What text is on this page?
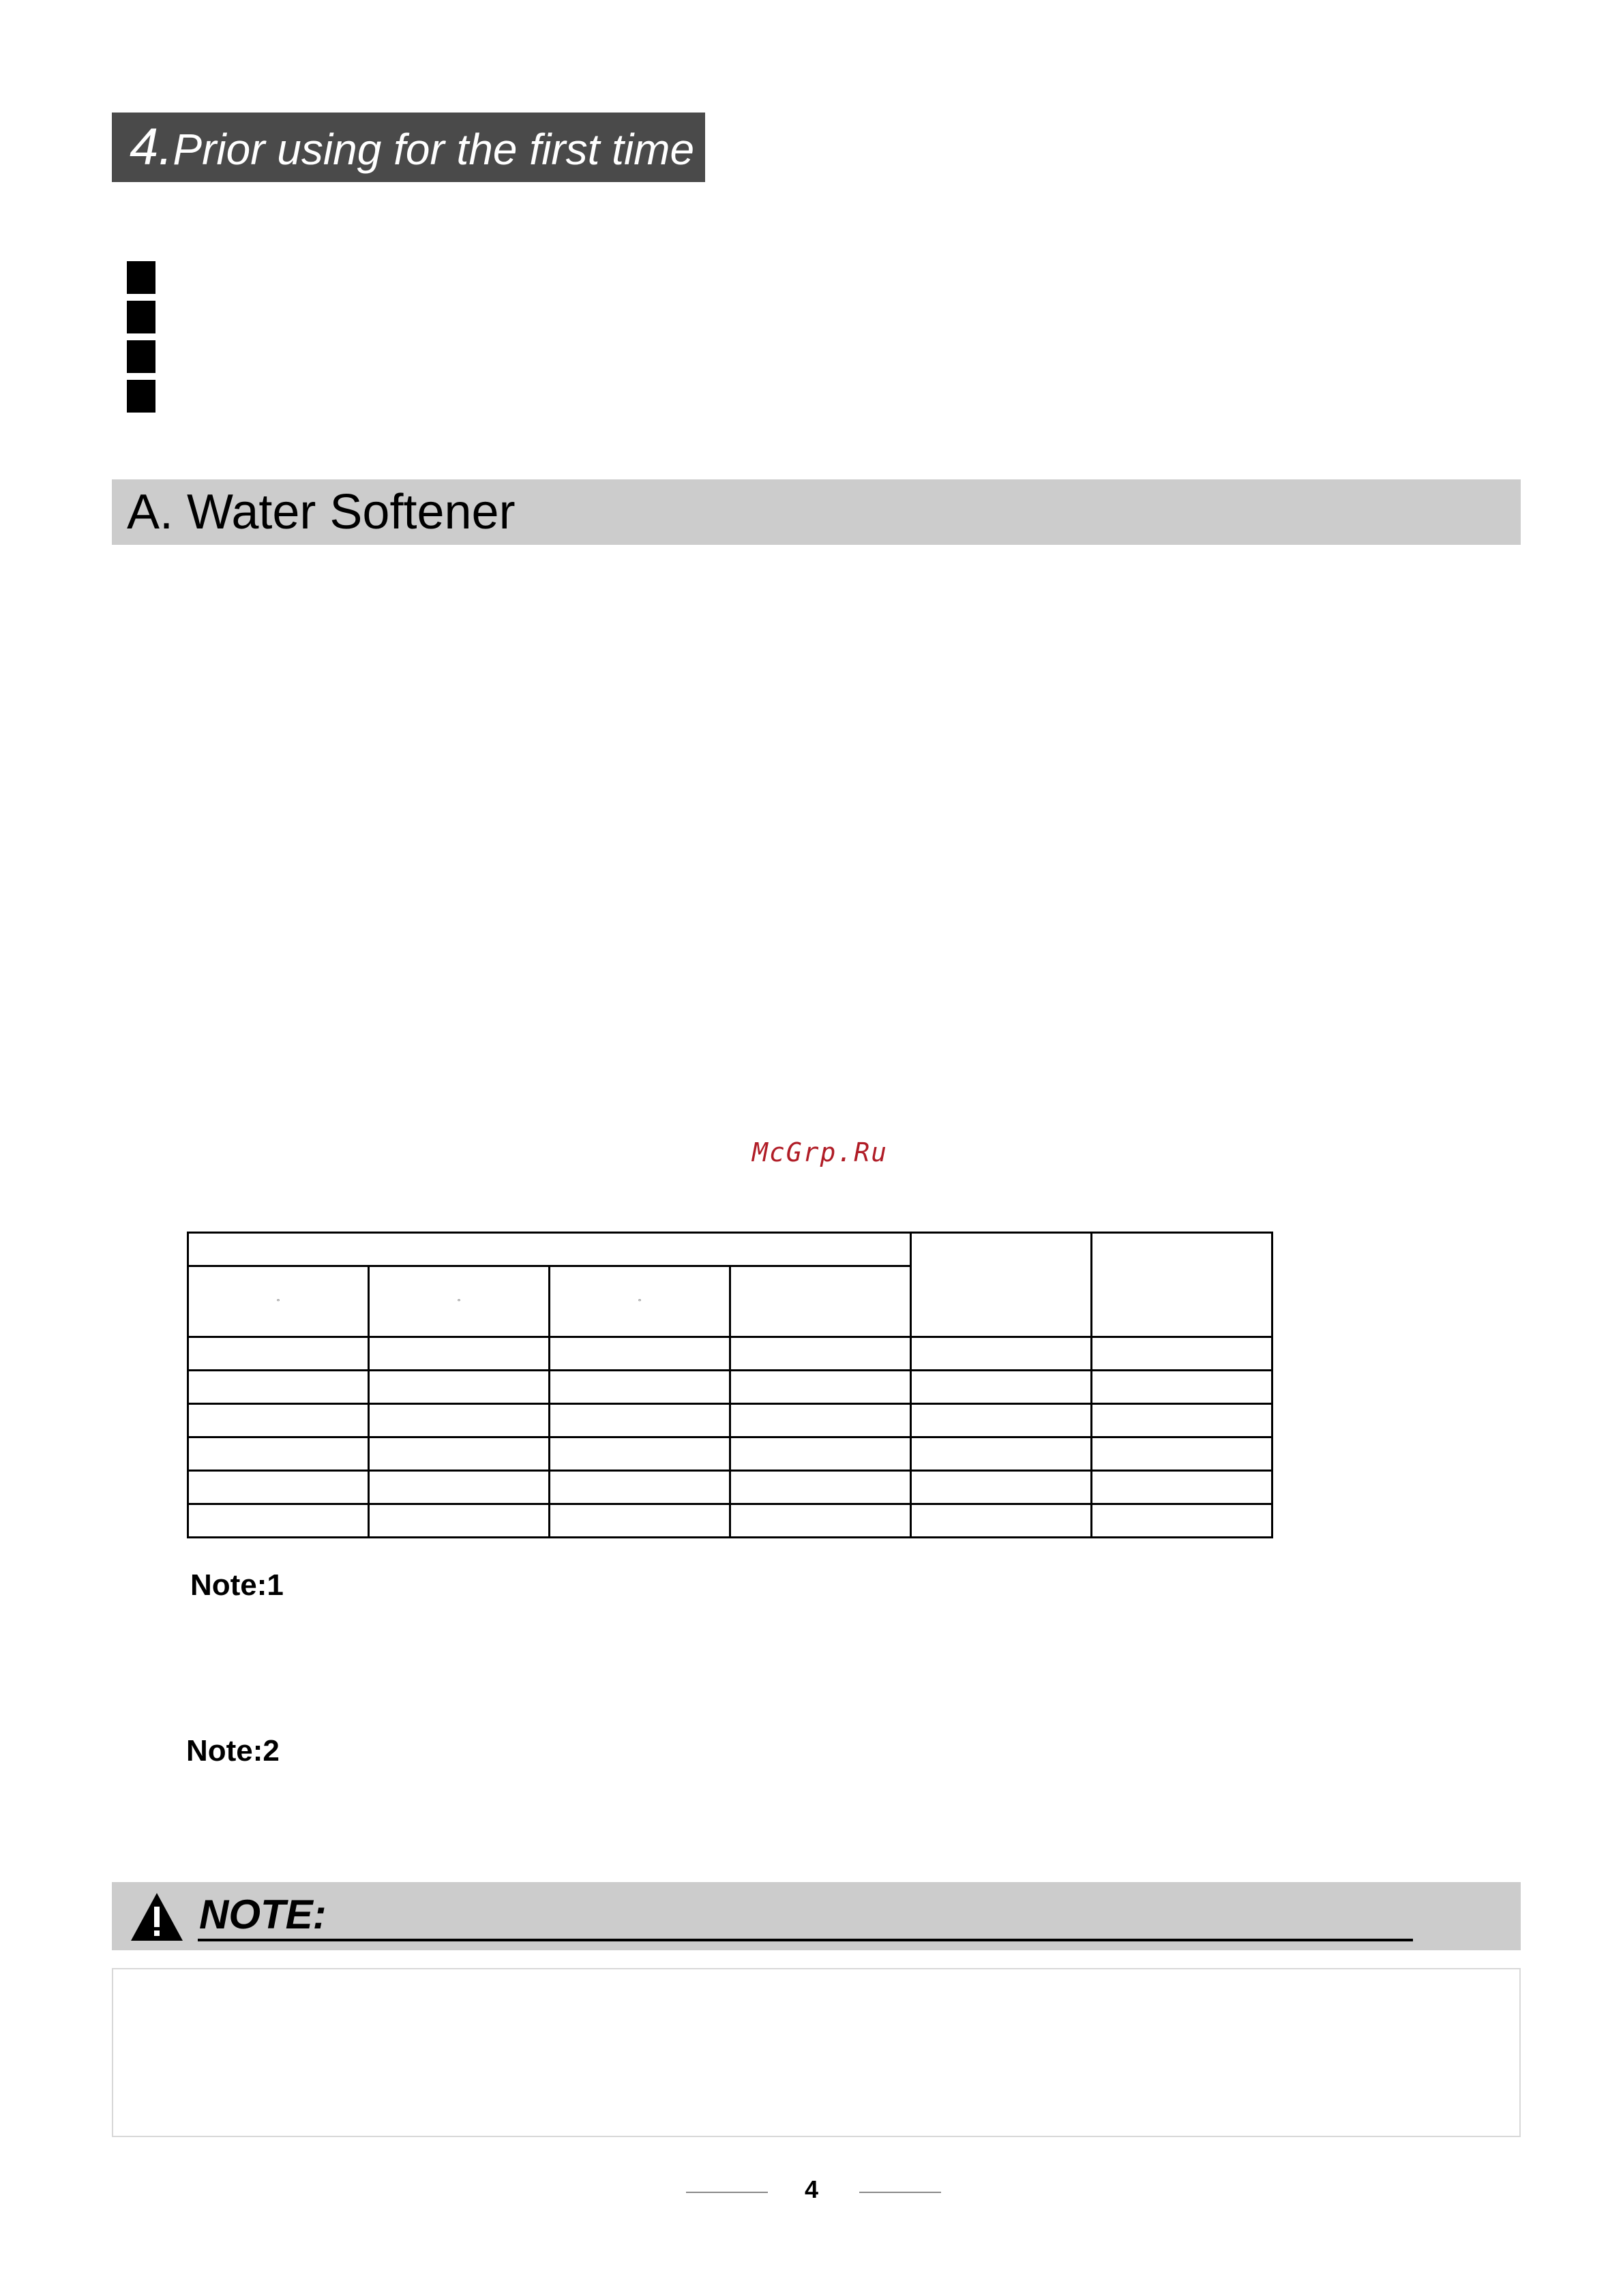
4.Prior using for the first time
A. Water Softener
McGrp.Ru

°	°	°			

Note:1
Note:2
NOTE:
4
